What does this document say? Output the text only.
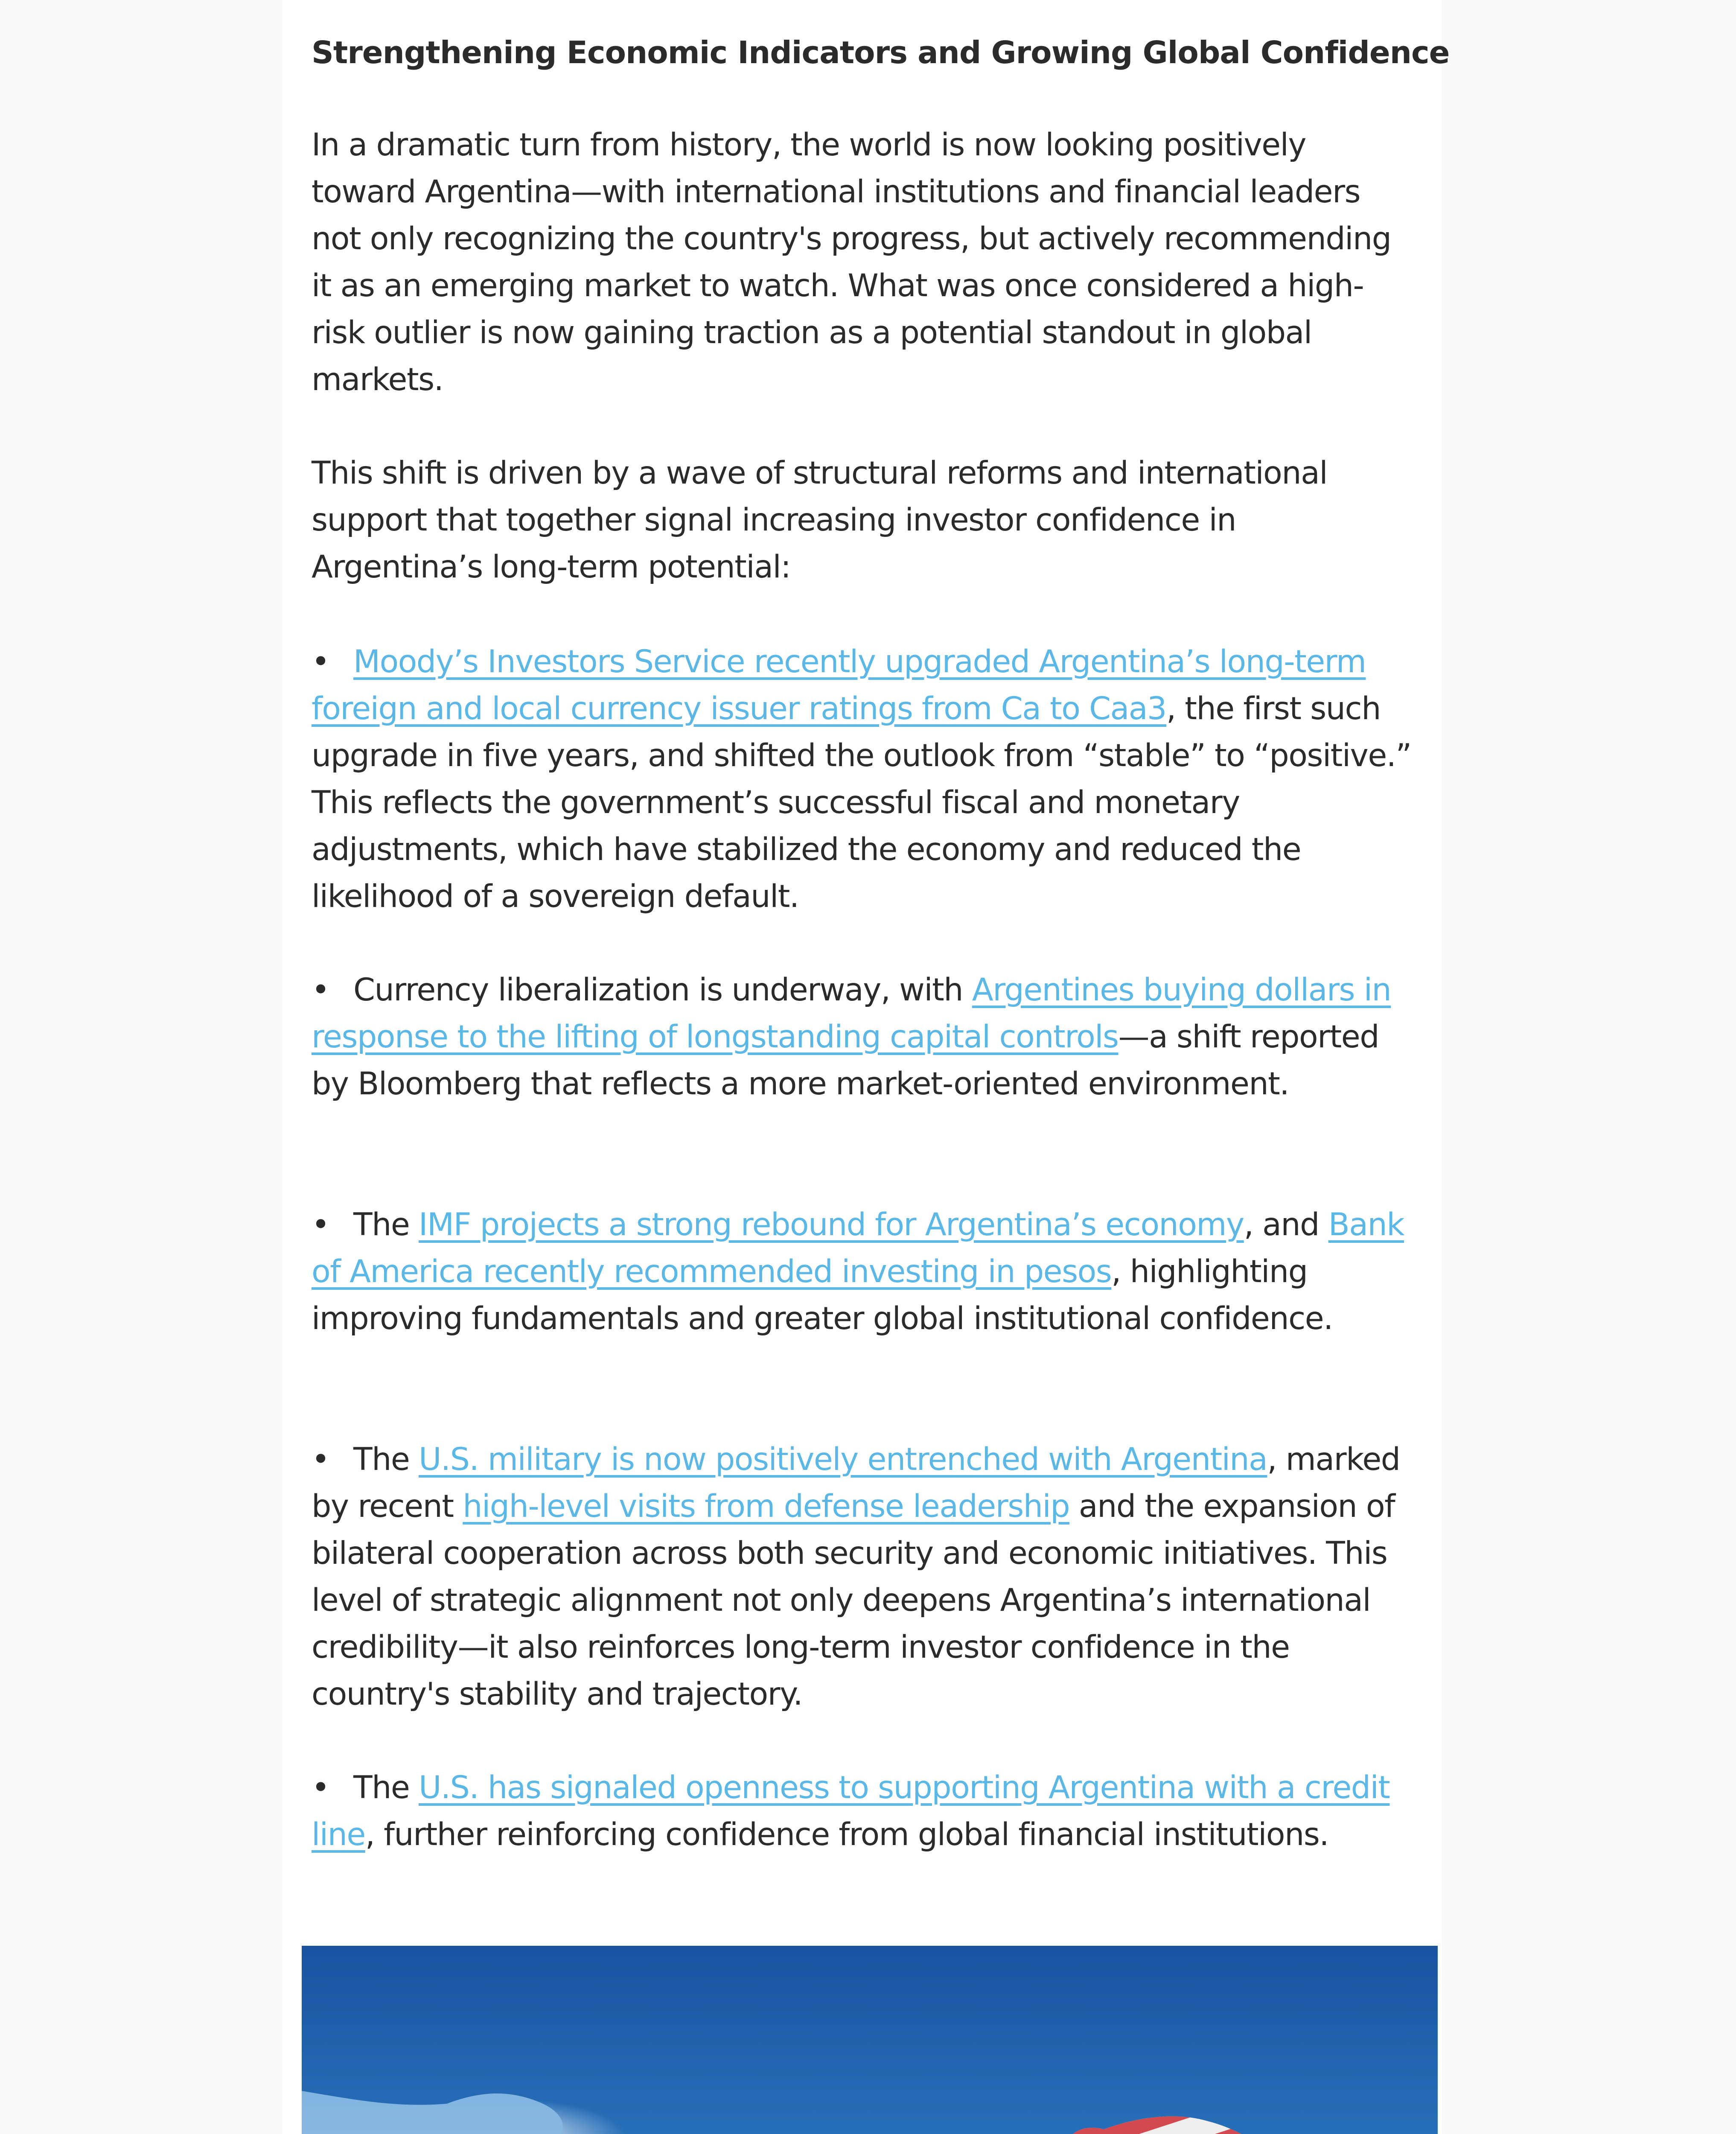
Strengthening Economic Indicators and Growing Global Confidence

In a dramatic turn from history, the world is now looking positively toward Argentina—with international institutions and financial leaders not only recognizing the country's progress, but actively recommending it as an emerging market to watch. What was once considered a high-risk outlier is now gaining traction as a potential standout in global markets.

This shift is driven by a wave of structural reforms and international support that together signal increasing investor confidence in Argentina’s long-term potential:

• Moody’s Investors Service recently upgraded Argentina’s long-term foreign and local currency issuer ratings from Ca to Caa3, the first such upgrade in five years, and shifted the outlook from “stable” to “positive.” This reflects the government’s successful fiscal and monetary adjustments, which have stabilized the economy and reduced the likelihood of a sovereign default.

• Currency liberalization is underway, with Argentines buying dollars in response to the lifting of longstanding capital controls—a shift reported by Bloomberg that reflects a more market-oriented environment.

• The IMF projects a strong rebound for Argentina’s economy, and Bank of America recently recommended investing in pesos, highlighting improving fundamentals and greater global institutional confidence.

• The U.S. military is now positively entrenched with Argentina, marked by recent high-level visits from defense leadership and the expansion of bilateral cooperation across both security and economic initiatives. This level of strategic alignment not only deepens Argentina’s international credibility—it also reinforces long-term investor confidence in the country's stability and trajectory.

• The U.S. has signaled openness to supporting Argentina with a credit line, further reinforcing confidence from global financial institutions.
